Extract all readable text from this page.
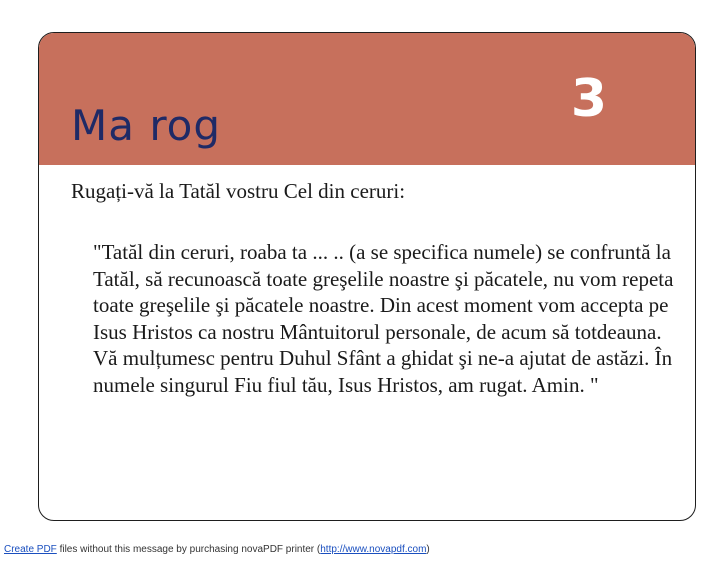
Ma rog	3
Rugați-vă la Tatăl vostru Cel din ceruri:
"Tatăl din ceruri, roaba ta ... .. (a se specifica numele) se confruntă la Tatăl, să recunoască toate greşelile noastre şi păcatele, nu vom repeta toate greşelile şi păcatele noastre. Din acest moment vom accepta pe Isus Hristos ca nostru Mântuitorul personale, de acum să totdeauna. Vă mulțumesc pentru Duhul Sfânt a ghidat şi ne-a ajutat de astăzi. În numele singurul Fiu fiul tău, Isus Hristos, am rugat. Amin. "
Create PDF files without this message by purchasing novaPDF printer (http://www.novapdf.com)
